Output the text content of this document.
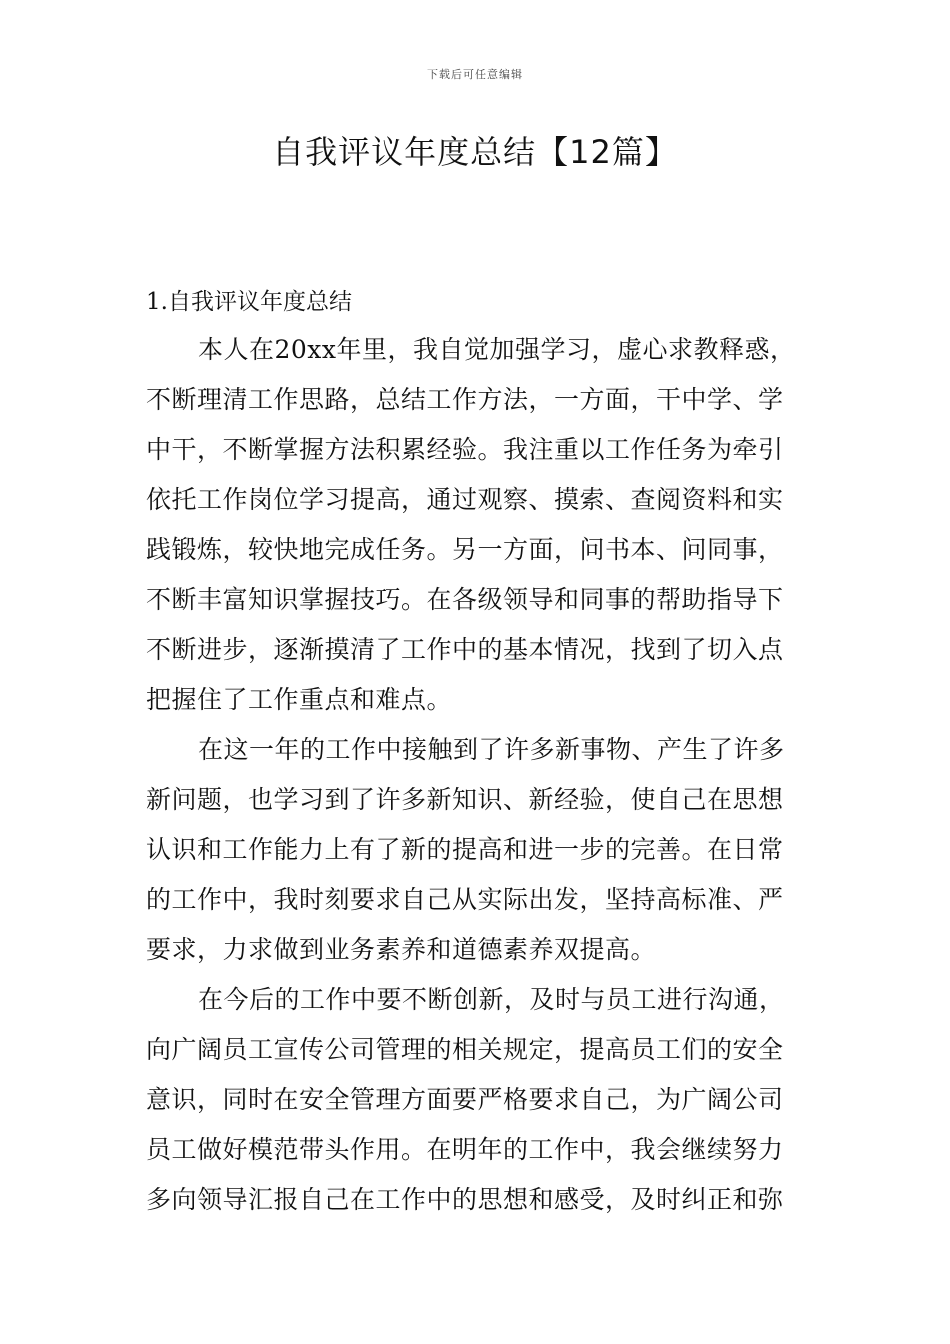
下载后可任意编辑
自我评议年度总结【12篇】
1.自我评议年度总结
本人在20xx年里，我自觉加强学习，虚心求教释惑，
不断理清工作思路，总结工作方法，一方面，干中学、学
中干，不断掌握方法积累经验。我注重以工作任务为牵引
依托工作岗位学习提高，通过观察、摸索、查阅资料和实
践锻炼，较快地完成任务。另一方面，问书本、问同事，
不断丰富知识掌握技巧。在各级领导和同事的帮助指导下
不断进步，逐渐摸清了工作中的基本情况，找到了切入点
把握住了工作重点和难点。
在这一年的工作中接触到了许多新事物、产生了许多
新问题，也学习到了许多新知识、新经验，使自己在思想
认识和工作能力上有了新的提高和进一步的完善。在日常
的工作中，我时刻要求自己从实际出发，坚持高标准、严
要求，力求做到业务素养和道德素养双提高。
在今后的工作中要不断创新，及时与员工进行沟通，
向广阔员工宣传公司管理的相关规定，提高员工们的安全
意识，同时在安全管理方面要严格要求自己，为广阔公司
员工做好模范带头作用。在明年的工作中，我会继续努力
多向领导汇报自己在工作中的思想和感受，及时纠正和弥
